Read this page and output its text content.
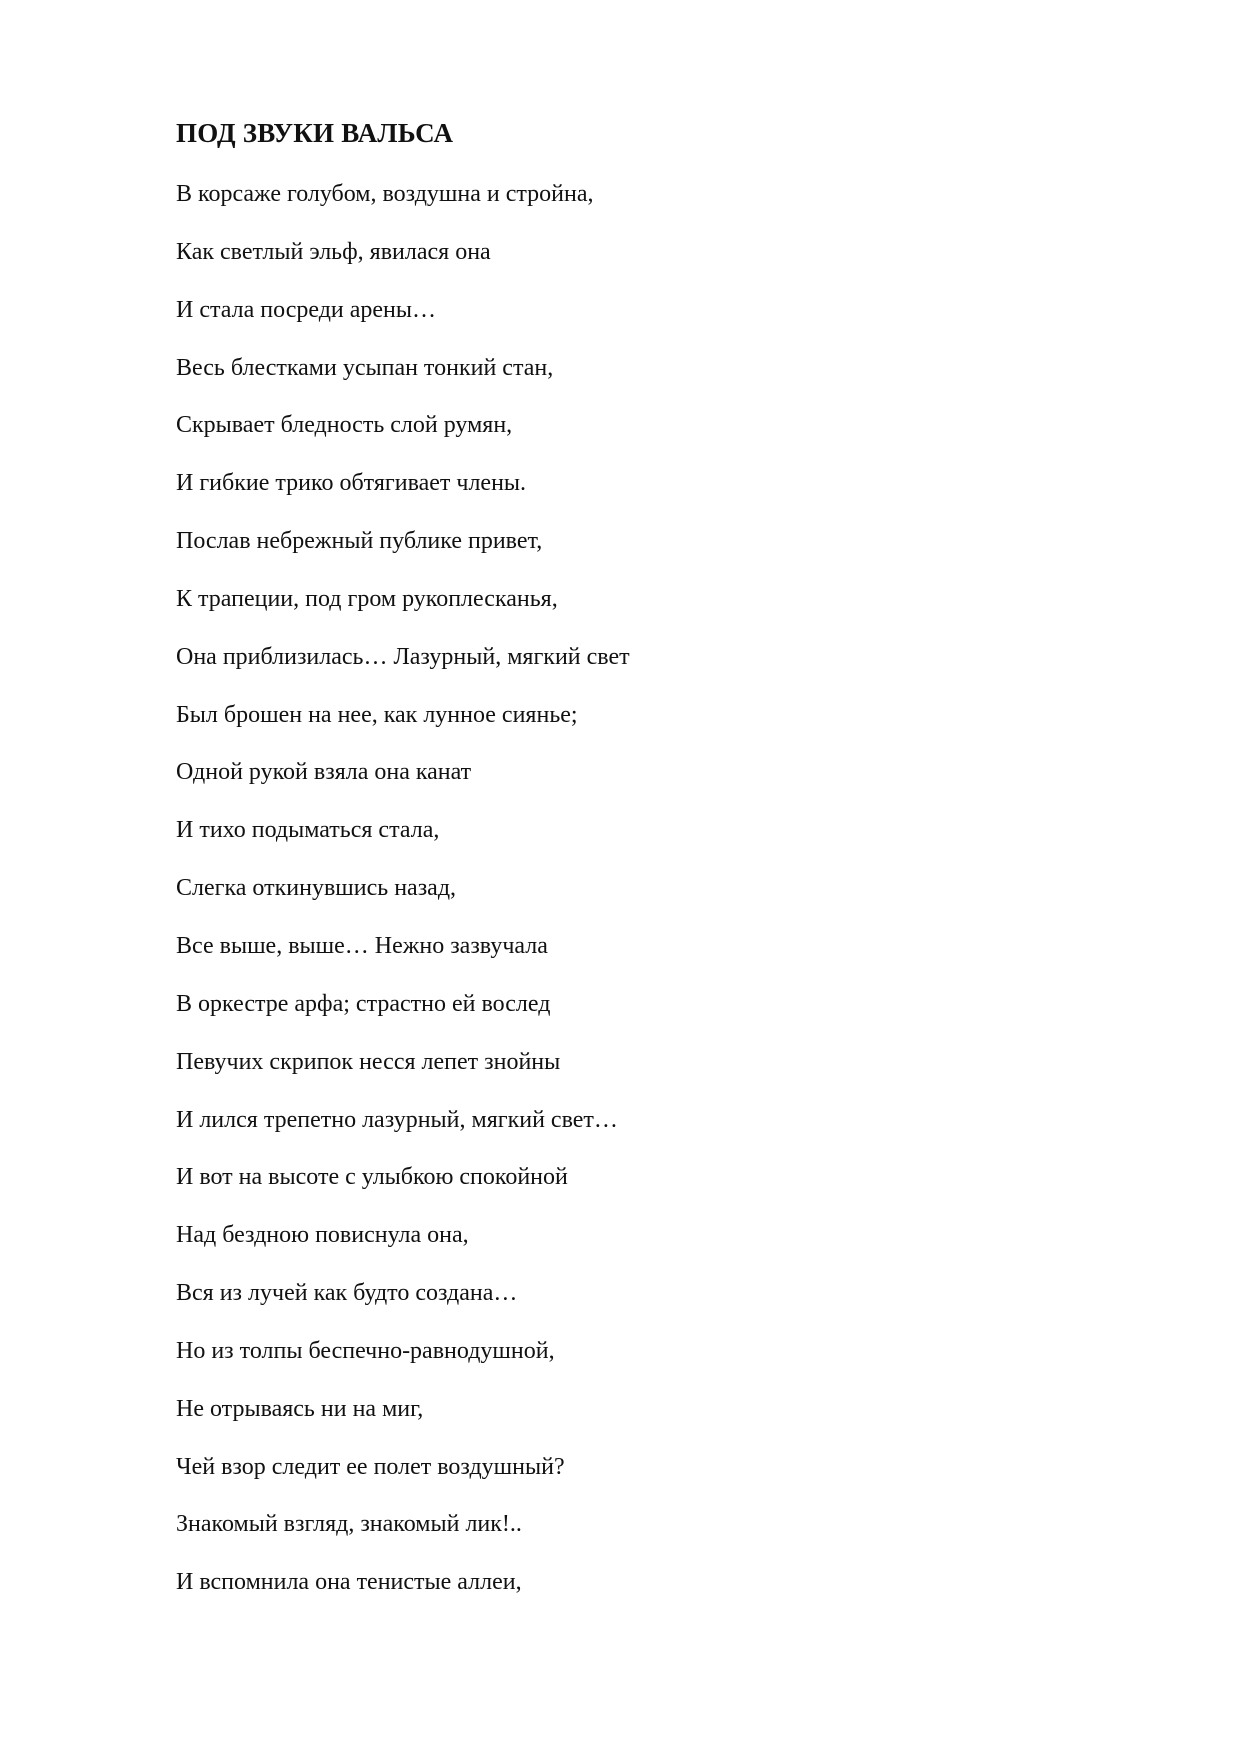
ПОД ЗВУКИ ВАЛЬСА
В корсаже голубом, воздушна и стройна,
Как светлый эльф, явилася она
И стала посреди арены…
Весь блестками усыпан тонкий стан,
Скрывает бледность слой румян,
И гибкие трико обтягивает члены.
Послав небрежный публике привет,
К трапеции, под гром рукоплесканья,
Она приблизилась… Лазурный, мягкий свет
Был брошен на нее, как лунное сиянье;
Одной рукой взяла она канат
И тихо подыматься стала,
Слегка откинувшись назад,
Все выше, выше… Нежно зазвучала
В оркестре арфа; страстно ей вослед
Певучих скрипок несся лепет знойны
И лился трепетно лазурный, мягкий свет…
И вот на высоте с улыбкою спокойной
Над бездною повиснула она,
Вся из лучей как будто создана…
Но из толпы беспечно-равнодушной,
Не отрываясь ни на миг,
Чей взор следит ее полет воздушный?
Знакомый взгляд, знакомый лик!..
И вспомнила она тенистые аллеи,
